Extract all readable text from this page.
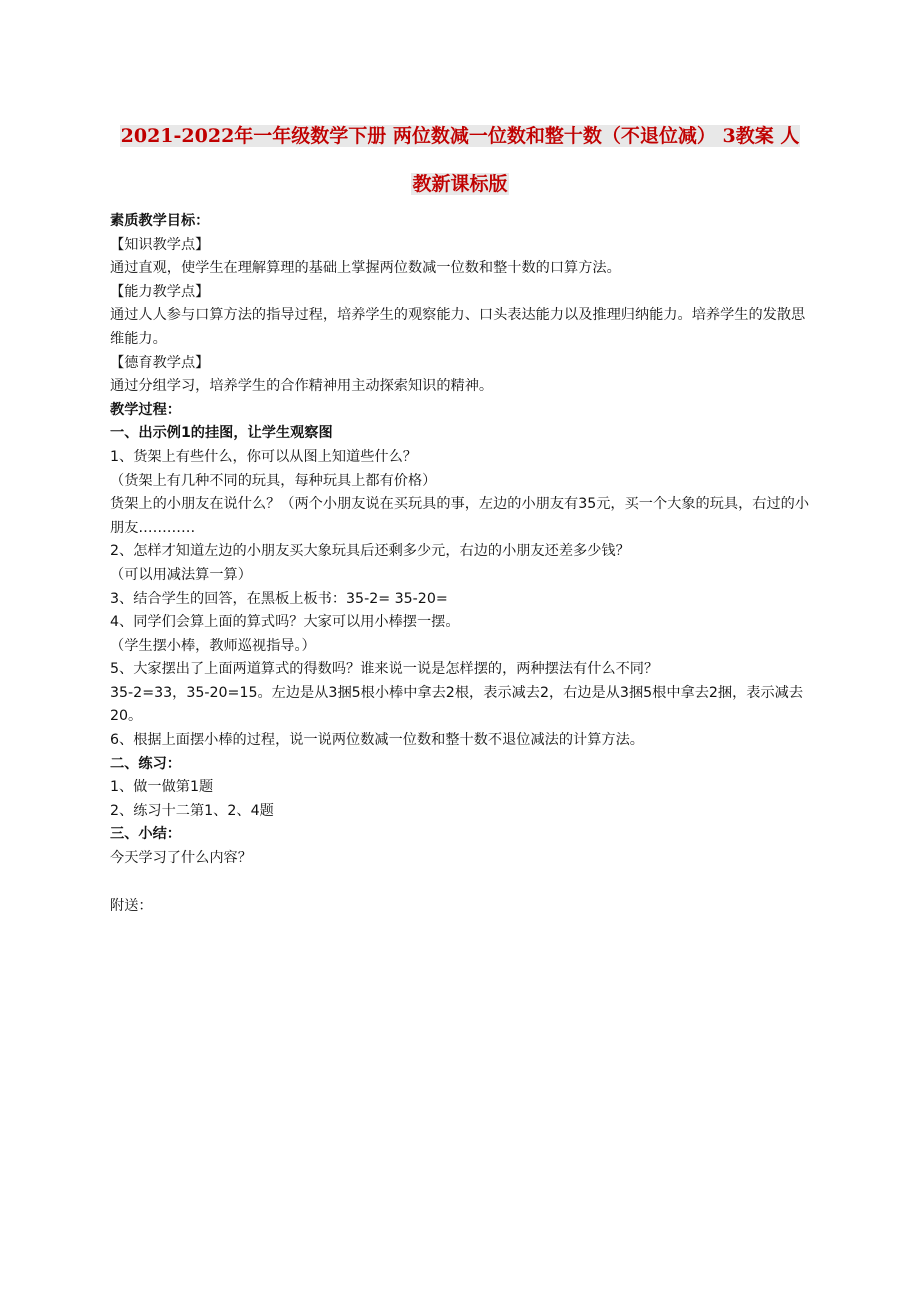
2021-2022年一年级数学下册 两位数减一位数和整十数（不退位减） 3教案 人
教新课标版
素质教学目标：
【知识教学点】
通过直观，使学生在理解算理的基础上掌握两位数减一位数和整十数的口算方法。
【能力教学点】
通过人人参与口算方法的指导过程，培养学生的观察能力、口头表达能力以及推理归纳能力。培养学生的发散思维能力。
【德育教学点】
通过分组学习，培养学生的合作精神用主动探索知识的精神。
教学过程：
一、出示例1的挂图，让学生观察图
1、货架上有些什么，你可以从图上知道些什么？
（货架上有几种不同的玩具，每种玩具上都有价格）
货架上的小朋友在说什么？（两个小朋友说在买玩具的事，左边的小朋友有35元，买一个大象的玩具，右过的小朋友…………
2、怎样才知道左边的小朋友买大象玩具后还剩多少元，右边的小朋友还差多少钱？
（可以用减法算一算）
3、结合学生的回答，在黑板上板书：35-2= 35-20=
4、同学们会算上面的算式吗？大家可以用小棒摆一摆。
（学生摆小棒，教师巡视指导。）
5、大家摆出了上面两道算式的得数吗？谁来说一说是怎样摆的，两种摆法有什么不同？
35-2=33，35-20=15。左边是从3捆5根小棒中拿去2根，表示减去2，右边是从3捆5根中拿去2捆，表示减去20。
6、根据上面摆小棒的过程，说一说两位数减一位数和整十数不退位减法的计算方法。
二、练习：
1、做一做第1题
2、练习十二第1、2、4题
三、小结：
今天学习了什么内容？
附送：
